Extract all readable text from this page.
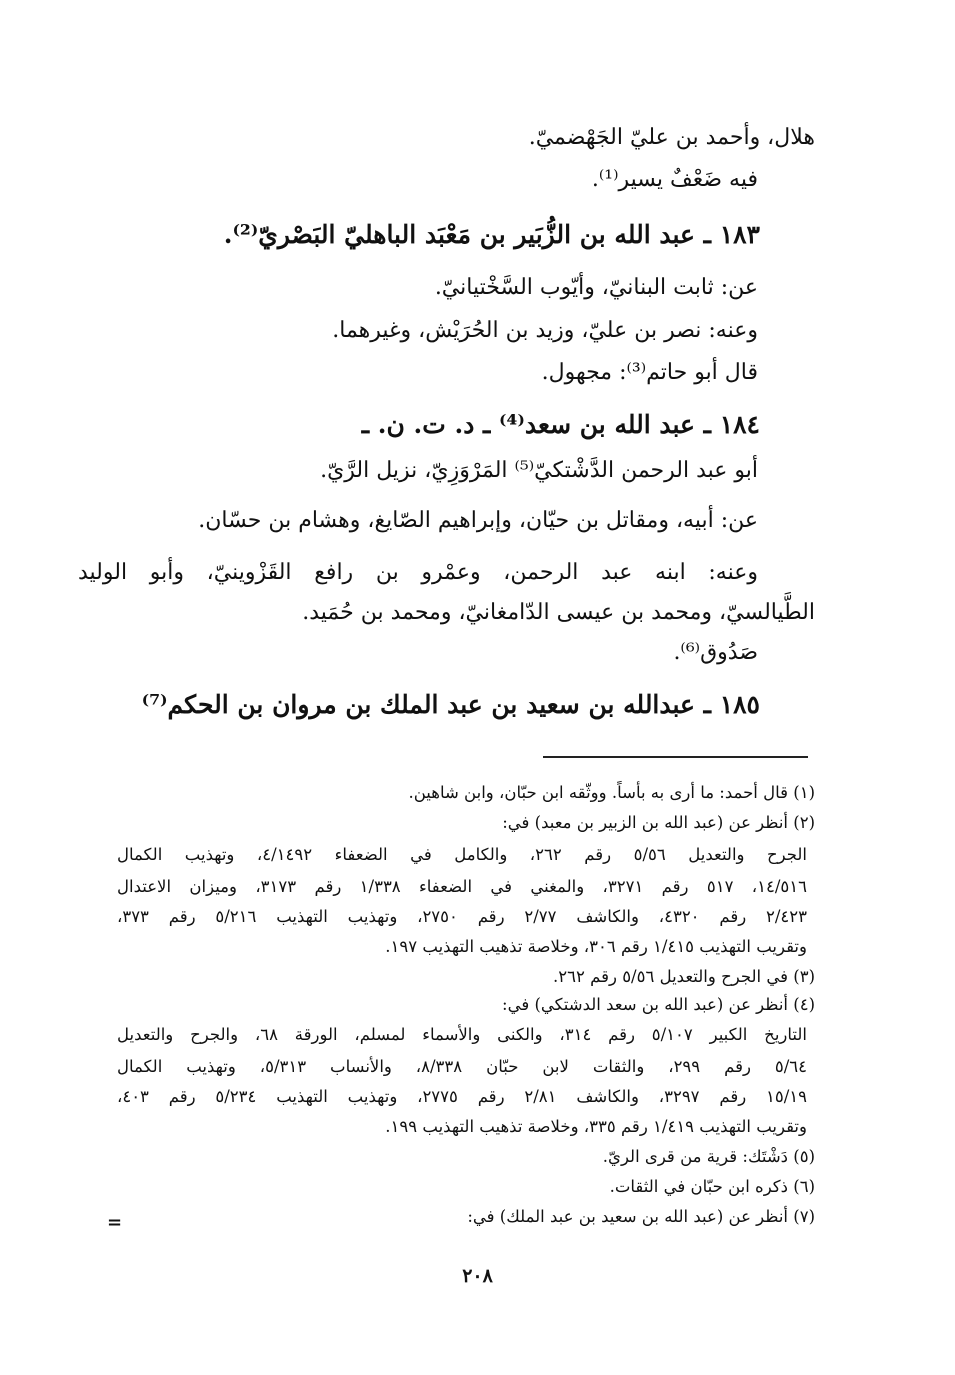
هلال، وأحمد بن عليّ الجَهْضميّ.
فيه ضَعْفٌ يسير⁽¹⁾.
١٨٣ ـ عبد الله بن الزُّبَير بن مَعْبَد الباهليّ البَصْريّ⁽²⁾.
عن: ثابت البنانيّ، وأيّوب السَّخْتيانيّ.
وعنه: نصر بن عليّ، وزيد بن الحُرَيْش، وغيرهما.
قال أبو حاتم⁽³⁾: مجهول.
١٨٤ ـ عبد الله بن سعد⁽⁴⁾ ـ د. ت. ن. ـ
أبو عبد الرحمن الدَّشْتكيّ⁽⁵⁾ المَرْوَزِيّ، نزيل الرَّيّ.
عن: أبيه، ومقاتل بن حيّان، وإبراهيم الصّايغ، وهشام بن حسّان.
وعنه: ابنه عبد الرحمن، وعمْرو بن رافع القَزْوينيّ، وأبو الوليد
الطَّيالسيّ، ومحمد بن عيسى الدّامغانيّ، ومحمد بن حُمَيد.
صَدُوق⁽⁶⁾.
١٨٥ ـ عبدالله بن سعيد بن عبد الملك بن مروان بن الحكم⁽⁷⁾
(١) قال أحمد: ما أرى به بأساً. ووثّقه ابن حبّان، وابن شاهين.
(٢) أنظر عن (عبد الله بن الزبير بن معبد) في:
الجرح والتعديل ٥/٥٦ رقم ٢٦٢، والكامل في الضعفاء ٤/١٤٩٢، وتهذيب الكمال
١٤/٥١٦، ٥١٧ رقم ٣٢٧١، والمغني في الضعفاء ١/٣٣٨ رقم ٣١٧٣، وميزان الاعتدال
٢/٤٢٣ رقم ٤٣٢٠، والكاشف ٢/٧٧ رقم ٢٧٥٠، وتهذيب التهذيب ٥/٢١٦ رقم ٣٧٣،
وتقريب التهذيب ١/٤١٥ رقم ٣٠٦، وخلاصة تذهيب التهذيب ١٩٧.
(٣) في الجرح والتعديل ٥/٥٦ رقم ٢٦٢.
(٤) أنظر عن (عبد الله بن سعد الدشتكي) في:
التاريخ الكبير ٥/١٠٧ رقم ٣١٤، والكنى والأسماء لمسلم، الورقة ٦٨، والجرح والتعديل
٥/٦٤ رقم ٢٩٩، والثقات لابن حبّان ٨/٣٣٨، والأنساب ٥/٣١٣، وتهذيب الكمال
١٥/١٩ رقم ٣٢٩٧، والكاشف ٢/٨١ رقم ٢٧٧٥، وتهذيب التهذيب ٥/٢٣٤ رقم ٤٠٣،
وتقريب التهذيب ١/٤١٩ رقم ٣٣٥، وخلاصة تذهيب التهذيب ١٩٩.
(٥) دَشْتَك: قرية من قرى الريّ.
(٦) ذكره ابن حبّان في الثقات.
(٧) أنظر عن (عبد الله بن سعيد بن عبد الملك) في:
=
٢٠٨
